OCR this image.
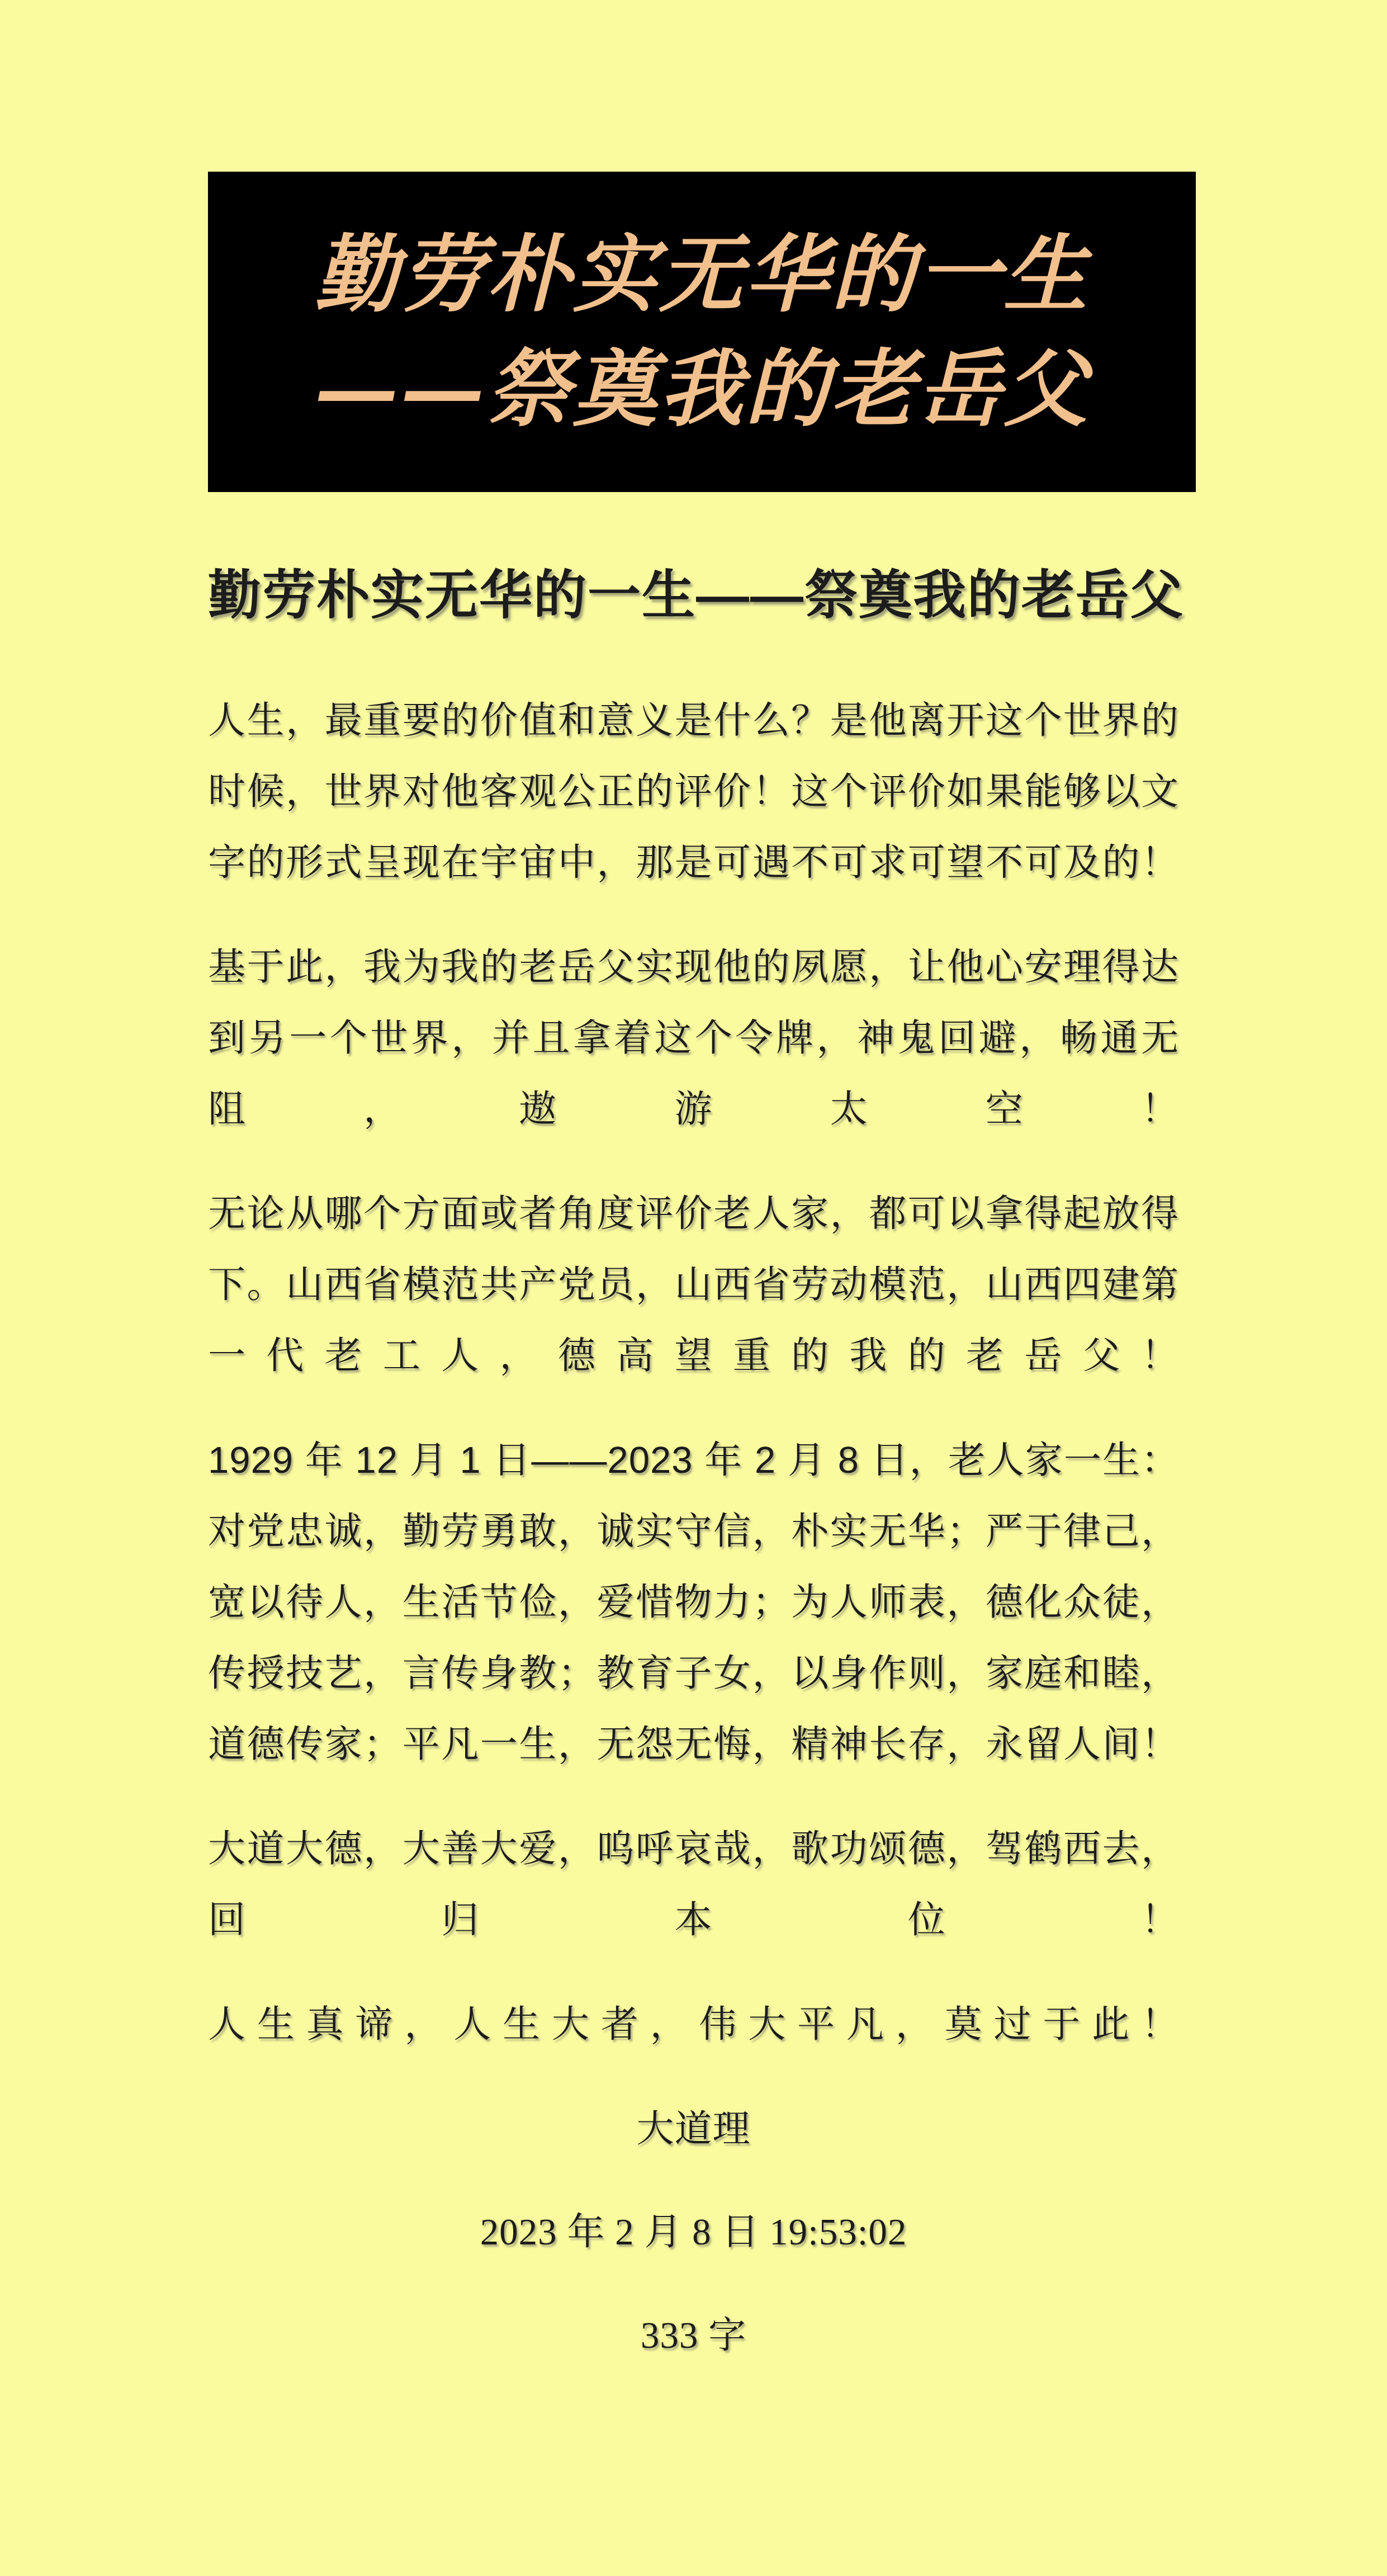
勤劳朴实无华的一生
——祭奠我的老岳父
勤劳朴实无华的一生——祭奠我的老岳父

人生，最重要的价值和意义是什么？是他离开这个世界的时候，世界对他客观公正的评价！这个评价如果能够以文字的形式呈现在宇宙中，那是可遇不可求可望不可及的！

基于此，我为我的老岳父实现他的夙愿，让他心安理得达到另一个世界，并且拿着这个令牌，神鬼回避，畅通无阻，遨游太空！

无论从哪个方面或者角度评价老人家，都可以拿得起放得下。山西省模范共产党员，山西省劳动模范，山西四建第一代老工人，德高望重的我的老岳父！

1929 年 12 月 1 日——2023 年 2 月 8 日，老人家一生：对党忠诚，勤劳勇敢，诚实守信，朴实无华；严于律己，宽以待人，生活节俭，爱惜物力；为人师表，德化众徒，传授技艺，言传身教；教育子女，以身作则，家庭和睦，道德传家；平凡一生，无怨无悔，精神长存，永留人间！

大道大德，大善大爱，呜呼哀哉，歌功颂德，驾鹤西去，回归本位！

人生真谛，人生大者，伟大平凡，莫过于此！

大道理

2023 年 2 月 8 日 19:53:02

333 字
